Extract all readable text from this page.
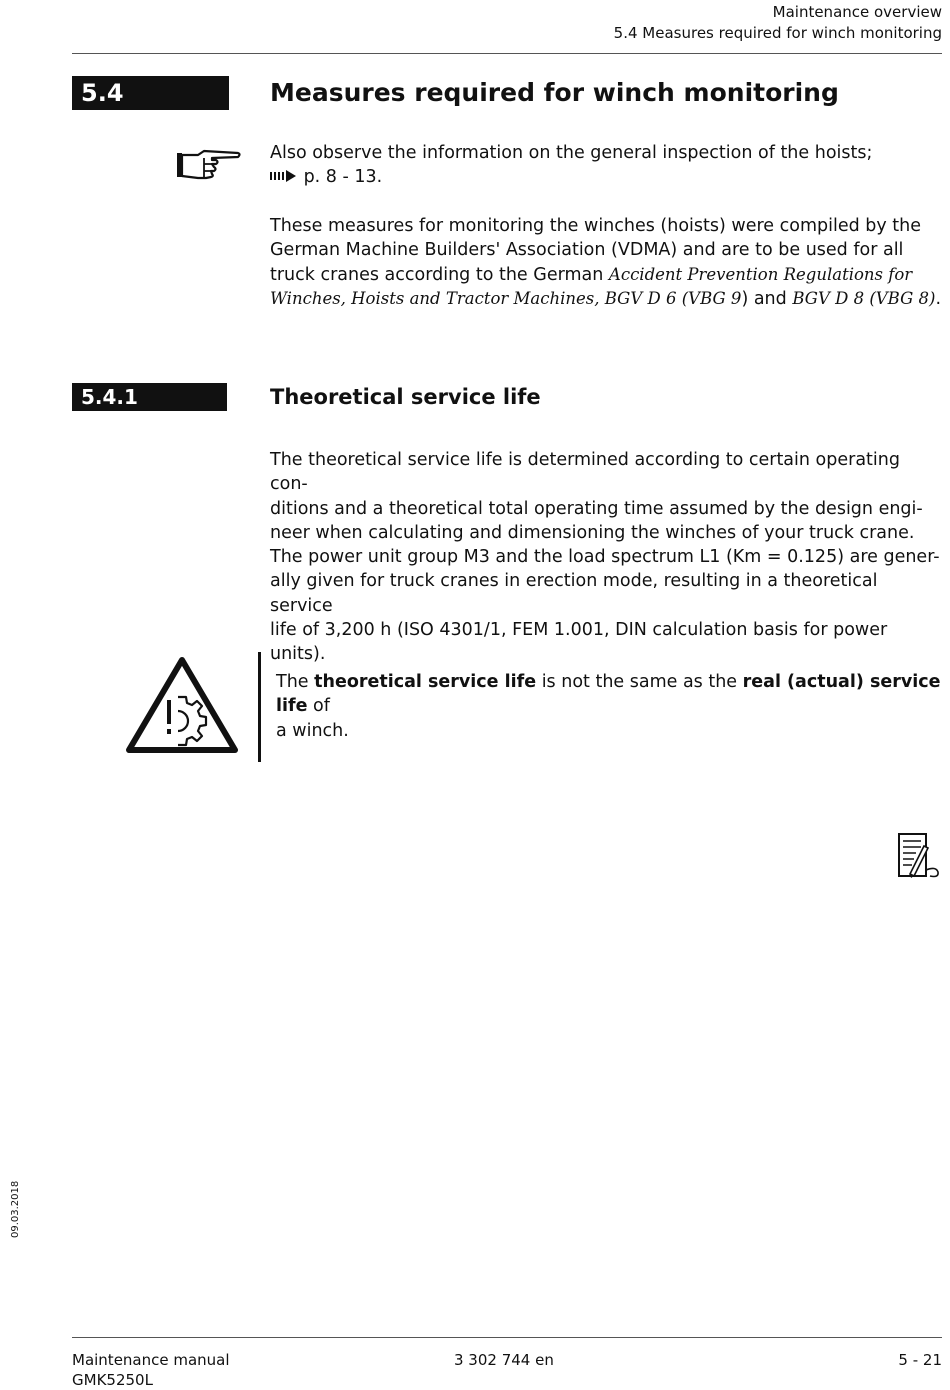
Maintenance overview
5.4 Measures required for winch monitoring
5.4	Measures required for winch monitoring

Also observe the information on the general inspection of the hoists;

p. 8 - 13.

These measures for monitoring the winches (hoists) were compiled by the

German Machine Builders' Association (VDMA) and are to be used for all

truck cranes according to the German Accident Prevention Regulations for

Winches, Hoists and Tractor Machines, BGV D 6 (VBG 9) and BGV D 8 (VBG 8).

5.4.1	Theoretical service life

The theoretical service life is determined according to certain operating con-

ditions and a theoretical total operating time assumed by the design engi-

neer when calculating and dimensioning the winches of your truck crane.

The power unit group M3 and the load spectrum L1 (Km = 0.125) are gener-

ally given for truck cranes in erection mode, resulting in a theoretical service

life of 3,200 h (ISO 4301/1, FEM 1.001, DIN calculation basis for power units).

The theoretical service life is not the same as the real (actual) service life of

a winch.

09.03.2018
Maintenance manual
GMK5250L
3 302 744 en	5 - 21
